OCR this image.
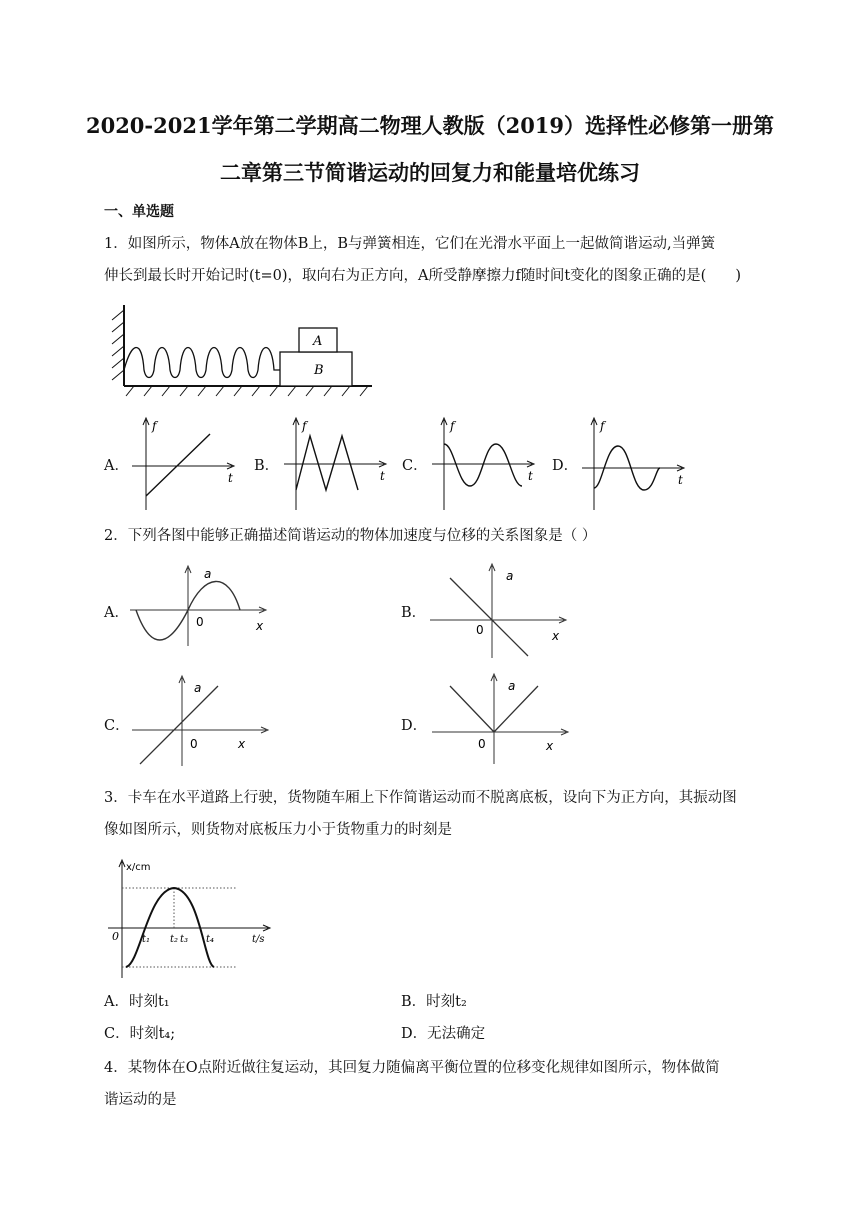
2020-2021学年第二学期高二物理人教版（2019）选择性必修第一册第
二章第三节简谐运动的回复力和能量培优练习
一、单选题
1．如图所示，物体A放在物体B上，B与弹簧相连，它们在光滑水平面上一起做简谐运动,当弹簧
伸长到最长时开始记时(t=0)，取向右为正方向，A所受静摩擦力f随时间t变化的图象正确的是(　　)
B
A
A．
f
t
B．
f
t
C．
f
t
D．
f
t
2．下列各图中能够正确描述简谐运动的物体加速度与位移的关系图象是（ ）
A．
a
0	x
B．
a
0	x
C．
a
0	x
D．
a
0	x
3．卡车在水平道路上行驶，货物随车厢上下作简谐运动而不脱离底板，设向下为正方向，其振动图
像如图所示，则货物对底板压力小于货物重力的时刻是
x/cm
t/s
0 t₁ t₂ t₃ t₄
A．时刻t₁	B．时刻t₂
C．时刻t₄;	D．无法确定
4．某物体在O点附近做往复运动，其回复力随偏离平衡位置的位移变化规律如图所示，物体做简
谐运动的是
